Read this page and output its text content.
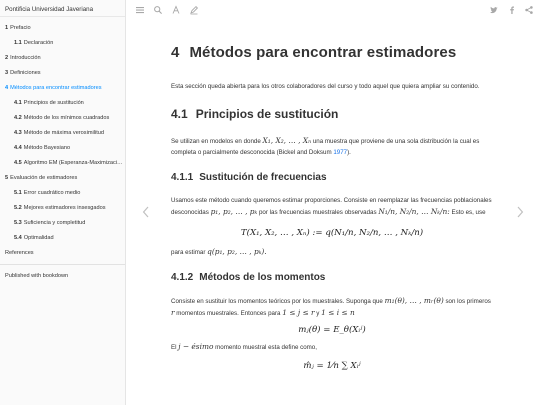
Pontificia Universidad Javeriana
1 Prefacio
1.1 Declaración
2 Introducción
3 Definiciones
4 Métodos para encontrar estimadores
4.1 Principios de sustitución
4.2 Método de los mínimos cuadrados
4.3 Método de máxima verosimilitud
4.4 Método Bayesiano
4.5 Algoritmo EM (Esperanza-Maximización)
5 Evaluación de estimadores
5.1 Error cuadrático medio
5.2 Mejores estimadores insesgados
5.3 Suficiencia y completitud
5.4 Optimalidad
References
Published with bookdown
4 Métodos para encontrar estimadores

Esta sección queda abierta para los otros colaboradores del curso y todo aquel que quiera ampliar su contenido.

4.1 Principios de sustitución

Se utilizan en modelos en donde X₁, X₂, … , Xₙ una muestra que proviene de una sola distribución la cual es completa o parcialmente desconocida (Bickel and Doksum 1977).

4.1.1 Sustitución de frecuencias

Usamos este método cuando queremos estimar proporciones. Consiste en reemplazar las frecuencias poblacionales desconocidas p₁, p₂, … , pₖ por las frecuencias muestrales observadas N₁/n, N₂/n, … Nₖ/n: Esto es, use

T(X₁, X₂, … , Xₙ) := q(N₁/n, N₂/n, … , Nₖ/n)

para estimar q(p₁, p₂, … , pₖ).

4.1.2 Métodos de los momentos

Consiste en sustituir los momentos teóricos por los muestrales. Suponga que m₁(θ), … , mᵣ(θ) son los primeros r momentos muestrales. Entonces para 1 ≤ j ≤ r y 1 ≤ i ≤ n

mⱼ(θ) = E_θ(Xᵢʲ)

El j − ésimo momento muestral esta define como,

m̂ⱼ = 1⁄n ∑ Xᵢʲ
